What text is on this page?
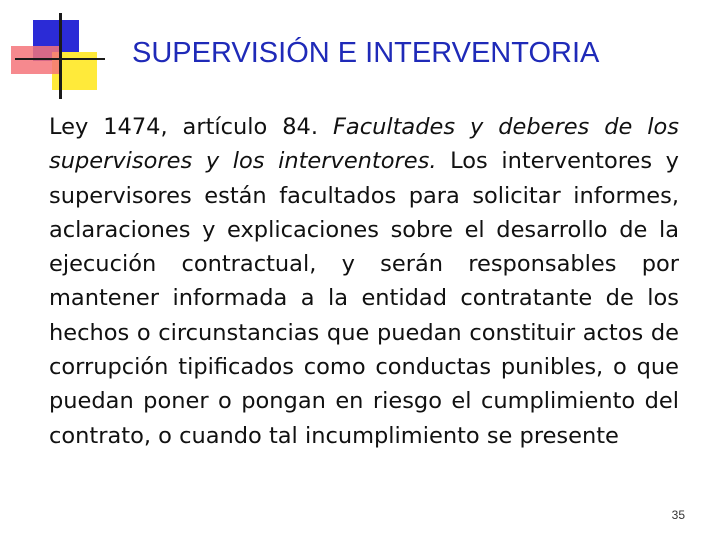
SUPERVISIÓN E INTERVENTORIA

Ley 1474, artículo 84. Facultades y deberes de los supervisores y los interventores. Los interventores y supervisores están facultados para solicitar informes, aclaraciones y explicaciones sobre el desarrollo de la ejecución contractual, y serán responsables por mantener informada a la entidad contratante de los hechos o circunstancias que puedan constituir actos de corrupción tipificados como conductas punibles, o que puedan poner o pongan en riesgo el cumplimiento del contrato, o cuando tal incumplimiento se presente

35
